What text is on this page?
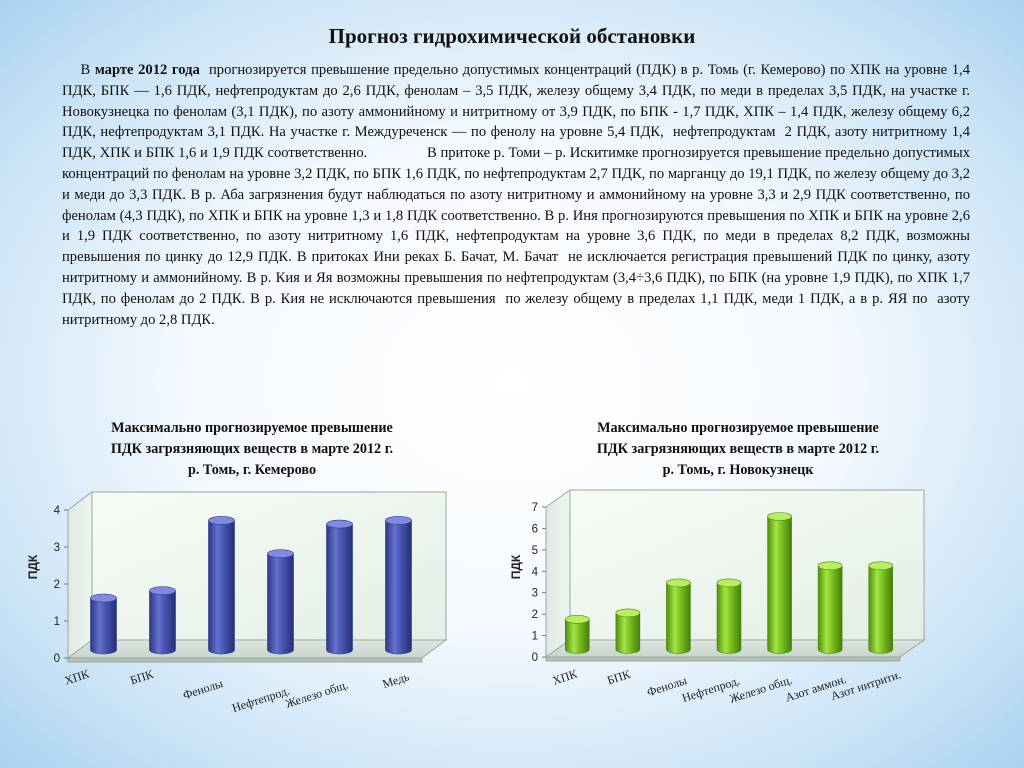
Прогноз гидрохимической обстановки
В марте 2012 года  прогнозируется превышение предельно допустимых концентраций (ПДК) в р. Томь (г. Кемерово) по ХПК на уровне 1,4 ПДК, БПК — 1,6 ПДК, нефтепродуктам до 2,6 ПДК, фенолам – 3,5 ПДК, железу общему 3,4 ПДК, по меди в пределах 3,5 ПДК, на участке г. Новокузнецка по фенолам (3,1 ПДК), по азоту аммонийному и нитритному от 3,9 ПДК, по БПК - 1,7 ПДК, ХПК – 1,4 ПДК, железу общему 6,2 ПДК, нефтепродуктам 3,1 ПДК. На участке г. Междуреченск — по фенолу на уровне 5,4 ПДК,  нефтепродуктам  2 ПДК, азоту нитритному 1,4 ПДК, ХПК и БПК 1,6 и 1,9 ПДК соответственно.                В притоке р. Томи – р. Искитимке прогнозируется превышение предельно допустимых концентраций по фенолам на уровне 3,2 ПДК, по БПК 1,6 ПДК, по нефтепродуктам 2,7 ПДК, по марганцу до 19,1 ПДК, по железу общему до 3,2 и меди до 3,3 ПДК. В р. Аба загрязнения будут наблюдаться по азоту нитритному и аммонийному на уровне 3,3 и 2,9 ПДК соответственно, по фенолам (4,3 ПДК), по ХПК и БПК на уровне 1,3 и 1,8 ПДК соответственно. В р. Иня прогнозируются превышения по ХПК и БПК на уровне 2,6 и 1,9 ПДК соответственно, по азоту нитритному 1,6 ПДК, нефтепродуктам на уровне 3,6 ПДК, по меди в пределах 8,2 ПДК, возможны превышения по цинку до 12,9 ПДК. В притоках Ини реках Б. Бачат, М. Бачат  не исключается регистрация превышений ПДК по цинку, азоту нитритному и аммонийному. В р. Кия и Яя возможны превышения по нефтепродуктам (3,4÷3,6 ПДК), по БПК (на уровне 1,9 ПДК), по ХПК 1,7 ПДК, по фенолам до 2 ПДК. В р. Кия не исключаются превышения  по железу общему в пределах 1,1 ПДК, меди 1 ПДК, а в р. ЯЯ по  азоту нитритному до 2,8 ПДК.
Максимально прогнозируемое превышение
ПДК загрязняющих веществ в марте 2012 г.
р. Томь, г. Кемерово
Максимально прогнозируемое превышение
ПДК загрязняющих веществ в марте 2012 г.
р. Томь, г. Новокузнецк
0
1
2
3
4
ПДК
ХПК	БПК Фенолы Нефтепрод.
Железо общ.	Медь
0
1
2
3
4
5
6
7
ПДК
ХПК БПК Фенолы
Нефтепрод.
Железо общ.
Азот аммон.
Азот нитрити.
